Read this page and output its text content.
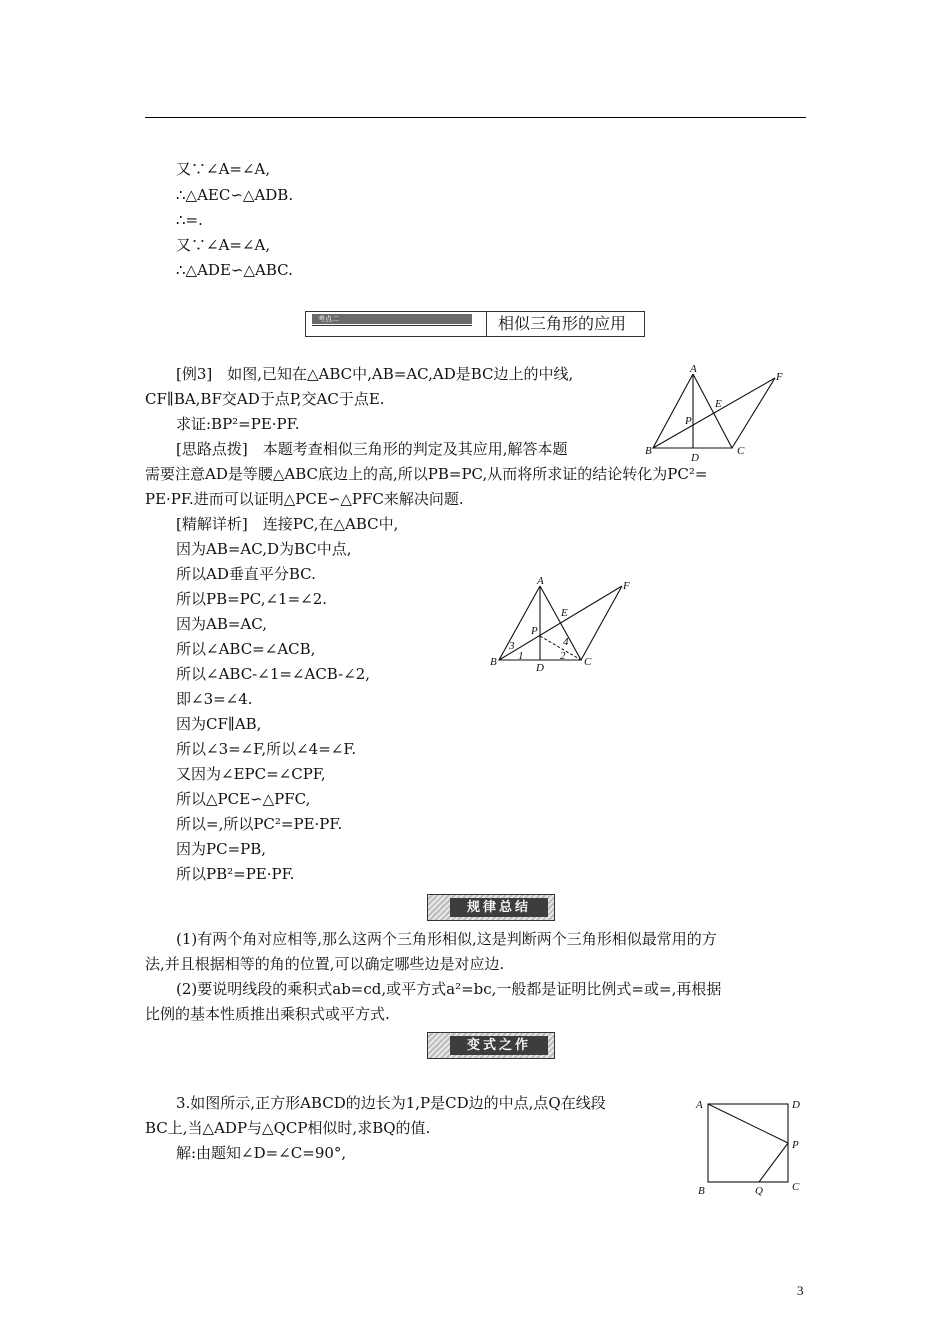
又∵∠A=∠A,
∴△AEC∽△ADB.
∴=.
又∵∠A=∠A,
∴△ADE∽△ABC.
考点二	相似三角形的应用
[例3]　如图,已知在△ABC中,AB=AC,AD是BC边上的中线,
CF∥BA,BF交AD于点P,交AC于点E.
求证:BP²=PE·PF.
A
B	C
D
E
F
P
[思路点拨]　本题考查相似三角形的判定及其应用,解答本题
需要注意AD是等腰△ABC底边上的高,所以PB=PC,从而将所求证的结论转化为PC²=
PE·PF.进而可以证明△PCE∽△PFC来解决问题.
[精解详析]　连接PC,在△ABC中,
因为AB=AC,D为BC中点,
所以AD垂直平分BC.
所以PB=PC,∠1=∠2.
因为AB=AC,
所以∠ABC=∠ACB,
所以∠ABC-∠1=∠ACB-∠2,
即∠3=∠4.
因为CF∥AB,
所以∠3=∠F,所以∠4=∠F.
又因为∠EPC=∠CPF,
所以△PCE∽△PFC,
所以=,所以PC²=PE·PF.
因为PC=PB,
所以PB²=PE·PF.
A
B	C
D
E
F
P
1	2
3	4
规律总结
(1)有两个角对应相等,那么这两个三角形相似,这是判断两个三角形相似最常用的方
法,并且根据相等的角的位置,可以确定哪些边是对应边.
(2)要说明线段的乘积式ab=cd,或平方式a²=bc,一般都是证明比例式=或=,再根据
比例的基本性质推出乘积式或平方式.
变式之作
3.如图所示,正方形ABCD的边长为1,P是CD边的中点,点Q在线段
BC上,当△ADP与△QCP相似时,求BQ的值.
解:由题知∠D=∠C=90°,
A	D
P
B	Q	C
3
